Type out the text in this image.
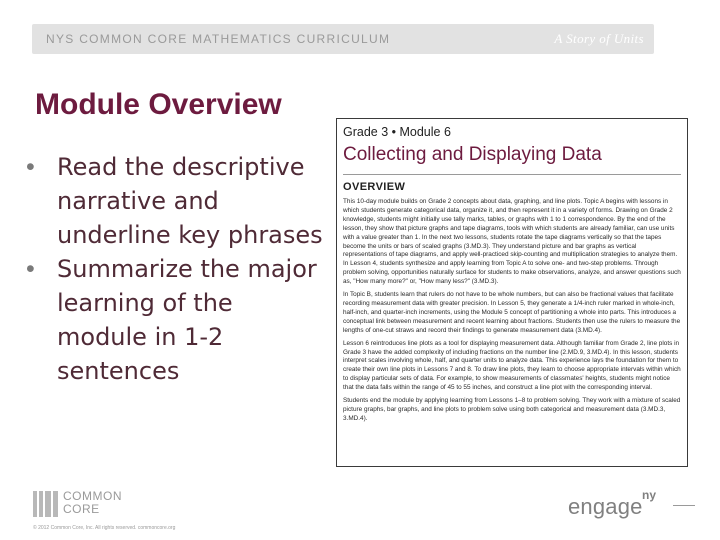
NYS COMMON CORE MATHEMATICS CURRICULUM	A Story of Units
Module Overview
• Read the descriptive narrative and underline key phrases
• Summarize the major learning of the module in 1-2 sentences
Grade 3 • Module 6
Collecting and Displaying Data
OVERVIEW

This 10-day module builds on Grade 2 concepts about data, graphing, and line plots. Topic A begins with lessons in which students generate categorical data, organize it, and then represent it in a variety of forms. Drawing on Grade 2 knowledge, students might initially use tally marks, tables, or graphs with 1 to 1 correspondence. By the end of the lesson, they show that picture graphs and tape diagrams, tools with which students are already familiar, can use units with a value greater than 1. In the next two lessons, students rotate the tape diagrams vertically so that the tapes become the units or bars of scaled graphs (3.MD.3). They understand picture and bar graphs as vertical representations of tape diagrams, and apply well-practiced skip-counting and multiplication strategies to analyze them. In Lesson 4, students synthesize and apply learning from Topic A to solve one- and two-step problems. Through problem solving, opportunities naturally surface for students to make observations, analyze, and answer questions such as, "How many more?" or, "How many less?" (3.MD.3).

In Topic B, students learn that rulers do not have to be whole numbers, but can also be fractional values that facilitate recording measurement data with greater precision. In Lesson 5, they generate a 1/4-inch ruler marked in whole-inch, half-inch, and quarter-inch increments, using the Module 5 concept of partitioning a whole into parts. This introduces a conceptual link between measurement and recent learning about fractions. Students then use the rulers to measure the lengths of one-cut straws and record their findings to generate measurement data (3.MD.4).

Lesson 6 reintroduces line plots as a tool for displaying measurement data. Although familiar from Grade 2, line plots in Grade 3 have the added complexity of including fractions on the number line (2.MD.9, 3.MD.4). In this lesson, students interpret scales involving whole, half, and quarter units to analyze data. This experience lays the foundation for them to create their own line plots in Lessons 7 and 8. To draw line plots, they learn to choose appropriate intervals within which to display particular sets of data. For example, to show measurements of classmates' heights, students might notice that the data falls within the range of 45 to 55 inches, and construct a line plot with the corresponding interval.

Students end the module by applying learning from Lessons 1–8 to problem solving. They work with a mixture of scaled picture graphs, bar graphs, and line plots to problem solve using both categorical and measurement data (3.MD.3, 3.MD.4).

COMMON
CORE
© 2012 Common Core, Inc. All rights reserved. commoncore.org
engage ny
